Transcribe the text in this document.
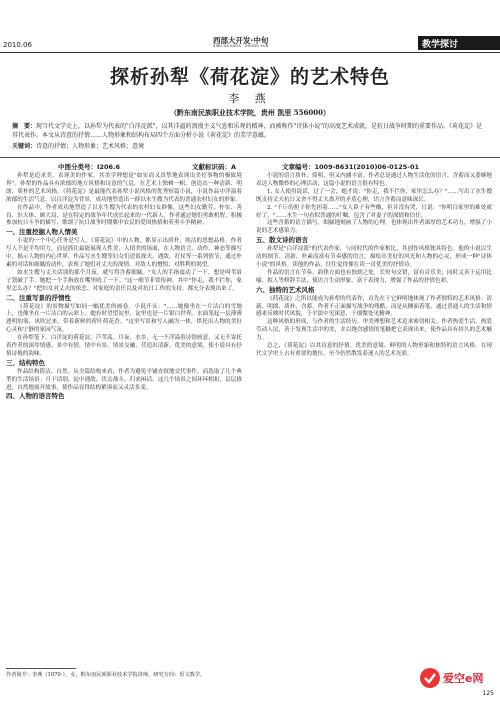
2010.06	西部大开发·中旬
XIBU DA KAIFA · ZHONG XUN	教学探讨
探析孙犁《荷花淀》的艺术特色
李 燕
（黔东南民族职业技术学院，贵州 凯里 556000）
摘　要：现当代文学史上，以孙犁为代表的"白洋淀派"，以其洋溢的浪漫主义气息和乐观的精神，而被称作"诗体小说"的高度艺术成就，是抗日战争时期的重要作品。《荷花淀》是其代表作。本文从诗意的抒情……人物形象和结构布局四个方面分析小说《荷花淀》的美学意蕴。
关键词：诗意的抒情；人物形象；艺术风格；意境
中图分类号：I206.6	文献标识码：A	文章编号：1009-8631(2010)06-0125-01

孙犁是追求美、表现美的作家，其美学理想是"如实而又真挚地表现出美好事物的极致境界"。孙犁的作品具有浓郁的地方风格和诗意的气息，在艺术上独树一帜，创造出一种清新、明朗、质朴的艺术风格。《荷花淀》是最能代表孙犁小说风格的优秀短篇小说，小说作品中洋溢着浓郁的生活气息，以白洋淀为背景，成功地塑造出一群以水生嫂为代表的普通农村妇女的形象。

在作品中，作者成功地塑造了以水生嫂为代表的农村妇女群像，这些妇女勤劳、朴实、善良、识大体、顾大局，是在特定的战争年代成长起来的一代新人。作者通过她们勇敢机智、积极参加抗日斗争的描写，歌颂了抗日战争时期冀中农民的爱国热情和英勇斗争精神。

一、注重挖掘人物人情美

小说的一个中心任务是写人。《荷花淀》中的人物，都显示出质朴、纯洁的思想品格。作者写人不是平均用力，而是抓住最能展现人性美、人情美的场面，在人物语言、动作、神态等描写中，揭示人物的内心世界。作品写水生嫂等妇女们送饭探夫、遇敌、打仗等一系列情节，通过朴素的对话和细腻的动作，表现了她们对丈夫的深情、对敌人的憎恨、对胜利的渴望。

如水生嫂与丈夫话别的那个月夜，就写得含蓄细腻。"女人的手指震动了一下，想是叫苇眉子划破了手，她把一个手指放在嘴里吮了一下。"这一细节非常传神。其中"你走，我不拦你，家里怎么办？"把妇女对丈夫的依恋、对家庭的责任以及对抗日工作的支持，都充分表现出来了。

二、注重写景的抒情性

《荷花淀》的景物描写如同一幅优美的画卷。小说开头："……她像坐在一片洁白的雪地上，也像坐在一片洁白的云彩上。她有时望望淀里，淀里也是一片银白世界。水面笼起一层薄薄透明的雾，风吹过来，带着新鲜的荷叶荷花香。"这里写景和写人融为一体，烘托出人物的美好心灵和宁静的家园气氛。

在孙犁笔下，白洋淀的荷花淀、芦苇荡、月夜、水乡，无一不洋溢着诗情画意，又无不寄托着作者的深厚情感。景中有情，情中有景，情景交融，营造出清新、优美的意境，使小说具有抒情诗般的韵味。

三、结构特色

作品结构简洁、自然。从全篇结构来看，作者为避免平铺直叙地交代事件，而选取了几个典型的生活场景：月下话别、淀中遇敌、伏击战斗、归来闲话。这几个场景之间环环相扣，层层推进，自然地展开故事，使作品显得结构紧凑而又灵活多变。

四、人物的语言特色
作者简介：李燕（1970-），女，黔东南民族职业技术学院讲师，研究方向：语文教学。

小说的语言质朴、简明，但又内涵丰富。作者总是通过人物生活化的语言，含蓄而又委婉地表达人物微妙的心理活动，这篇小说的语言很有特色。

1. 女人使用说话，过了一会，她才说："你走，我不拦你，家里怎么办？"……写出了水生嫂既支持丈夫抗日又舍不得丈夫离开的矛盾心理，语言含蓄而意味深长。

2. "千斤的担子你先担着……"女人鼻子有些酸，但并没有哭，只说："你明白家里的难处就好了。"……水生一句看似普通的叮嘱，包含了对妻子的深情和信任。

这些含蓄的语言描写，细腻地刻画了人物的心理，也体现出作者深厚的艺术功力，增强了小说的艺术感染力。

五、散文诗的语言

孙犁是"白洋淀派"的代表作家，与同时代的作家相比，其创作风格独具特色。他的小说以生动的细节、清新、朴素而富有节奏感的语言，描绘出美好的风光和人物的心灵，形成一种"诗体小说"的风格。读他的作品，往往觉得像在读一首优美的抒情诗。

作品的语言在节奏、韵律方面也有独到之处，长短句交错，富有音乐美；同时又善于运用比喻、拟人等修辞手法，使语言生动形象，富于表现力，增强了作品的抒情色彩。

六、独特的艺术风格

《荷花淀》之所以能成为孙犁的代表作，首先在于它鲜明地体现了作者独特的艺术风格：清新、明朗、质朴、含蓄。作者不正面描写战争的残酷，而是从侧面着笔，通过普通人的生活和情感来反映时代风貌，于平淡中见深意，于细微处见精神。

这种风格的形成，与作者的生活经历、审美理想和艺术追求密切相关。作者热爱生活，热爱劳动人民，善于发现生活中的美，并以饱含感情的笔触把它表现出来，使作品具有持久的艺术魅力。

总之，《荷花淀》以其诗意的抒情、优美的意境、鲜明的人物形象和独特的语言风格，在现代文学史上占有重要的地位，至今仍然散发着迷人的艺术光彩。

125
爱空e网
